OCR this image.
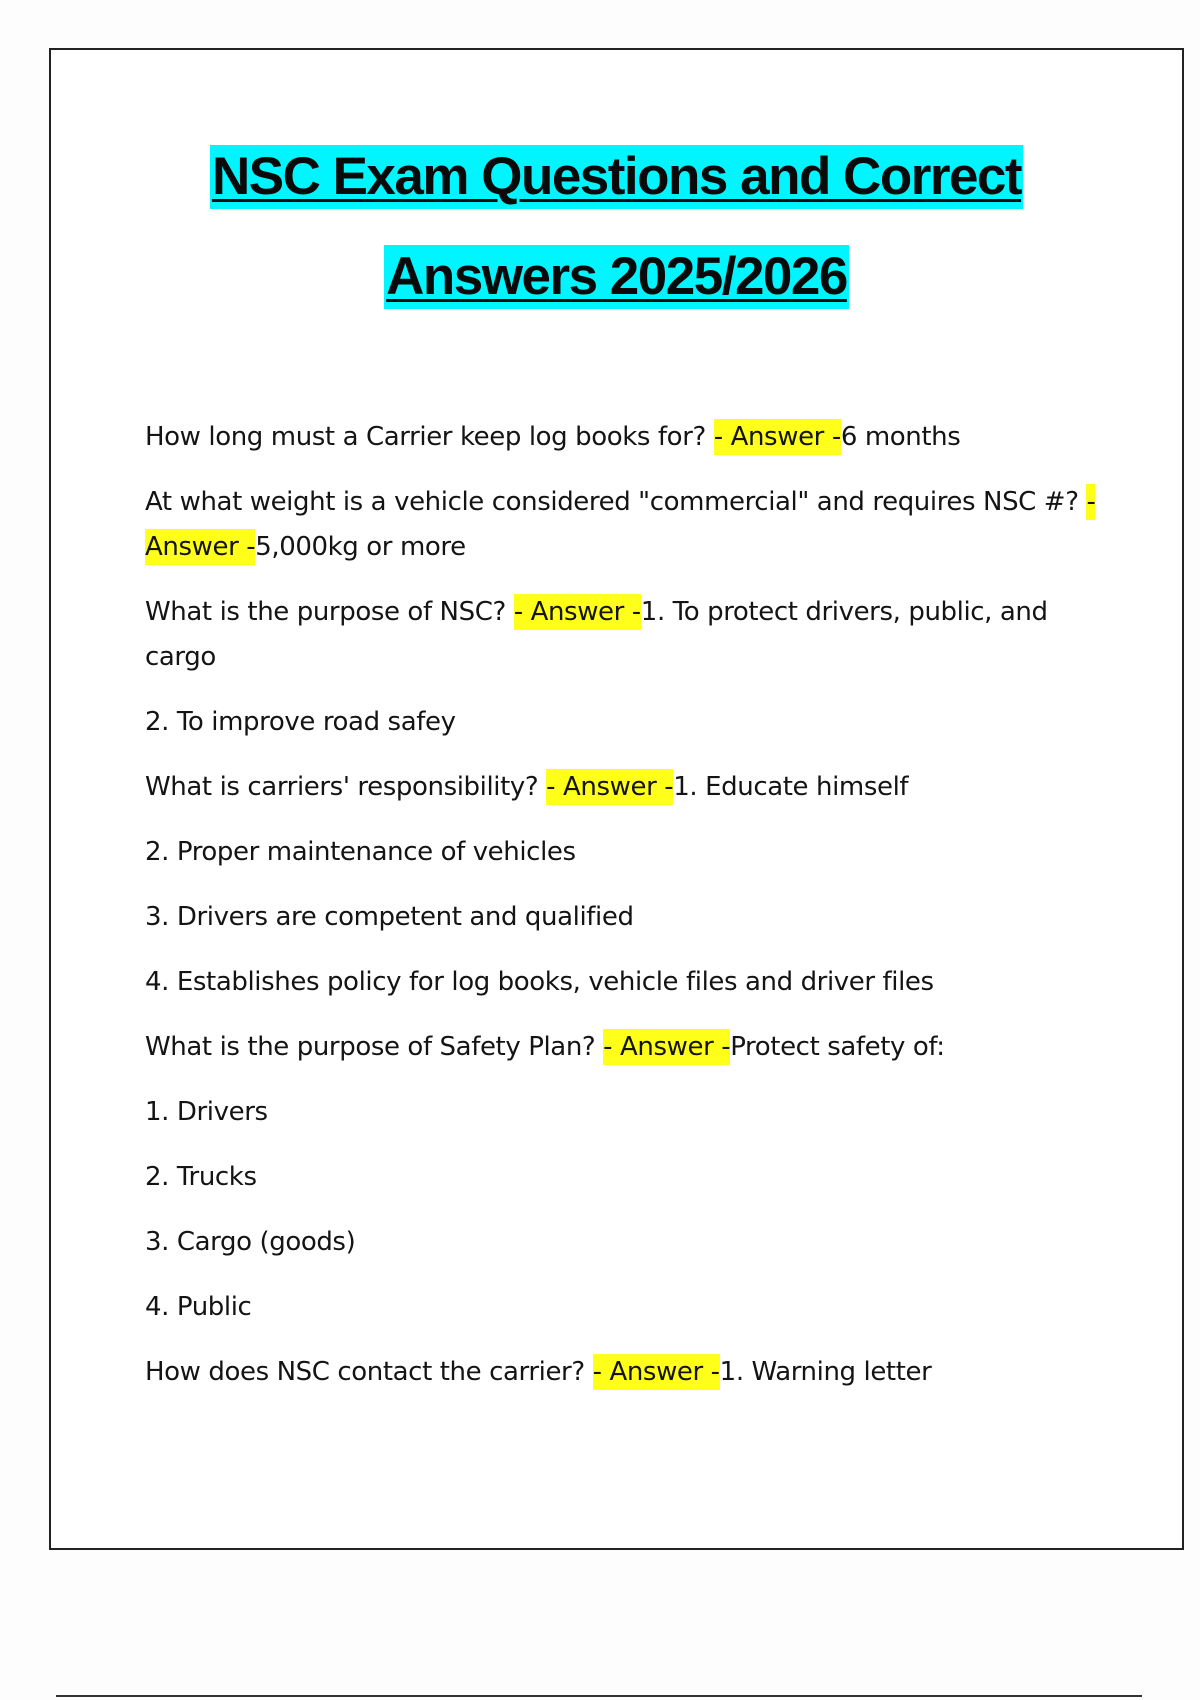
NSC Exam Questions and Correct
Answers 2025/2026

How long must a Carrier keep log books for? - Answer -6 months

At what weight is a vehicle considered "commercial" and requires NSC #? - Answer -5,000kg or more

What is the purpose of NSC? - Answer -1. To protect drivers, public, and cargo

2. To improve road safey

What is carriers' responsibility? - Answer -1. Educate himself

2. Proper maintenance of vehicles

3. Drivers are competent and qualified

4. Establishes policy for log books, vehicle files and driver files

What is the purpose of Safety Plan? - Answer -Protect safety of:

1. Drivers

2. Trucks

3. Cargo (goods)

4. Public

How does NSC contact the carrier? - Answer -1. Warning letter
